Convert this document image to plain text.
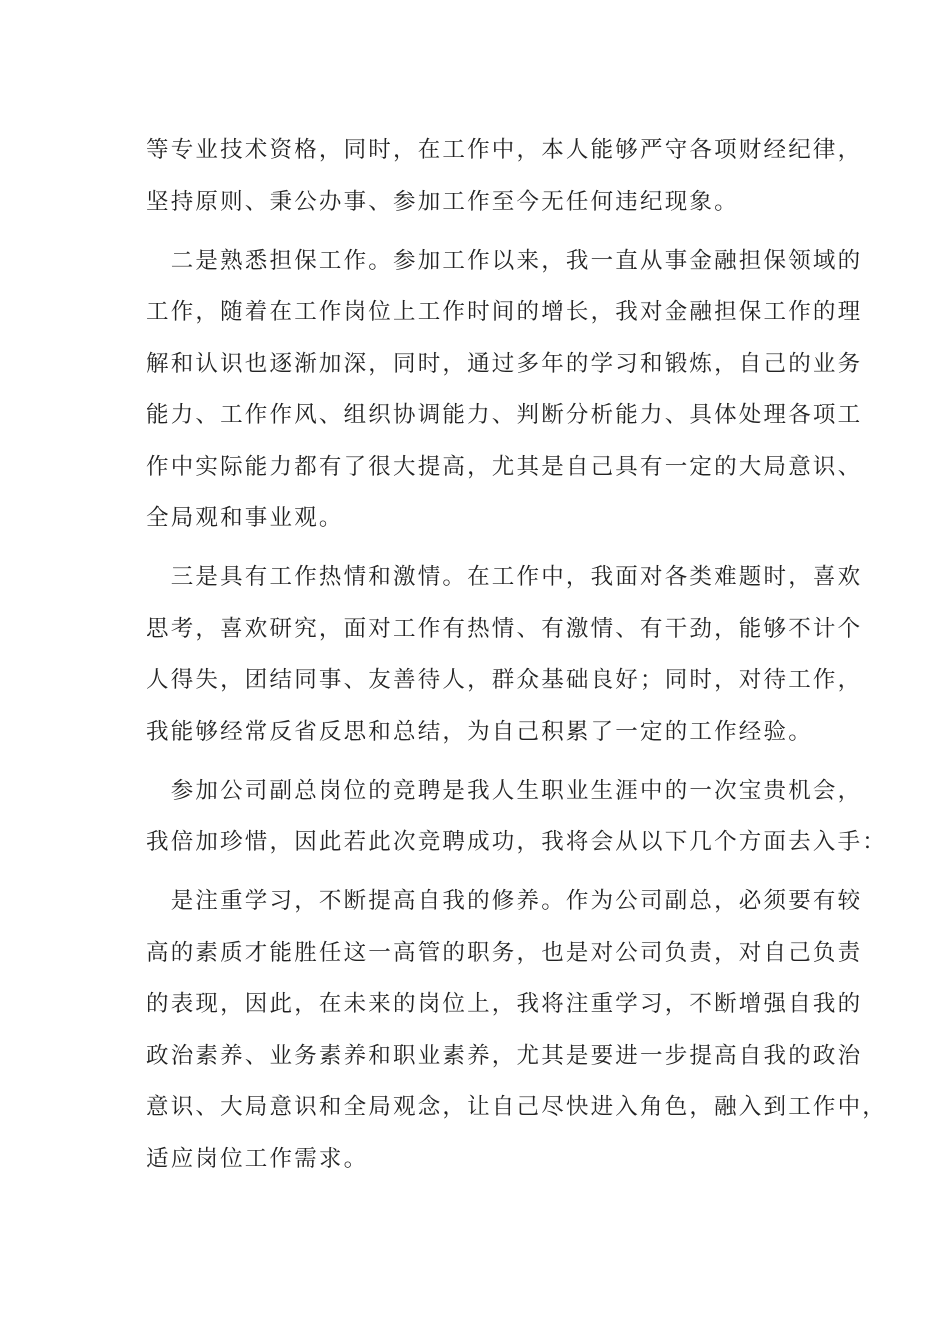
等专业技术资格，同时，在工作中，本人能够严守各项财经纪律，
坚持原则、秉公办事、参加工作至今无任何违纪现象。
　二是熟悉担保工作。参加工作以来，我一直从事金融担保领域的
工作，随着在工作岗位上工作时间的增长，我对金融担保工作的理
解和认识也逐渐加深，同时，通过多年的学习和锻炼，自己的业务
能力、工作作风、组织协调能力、判断分析能力、具体处理各项工
作中实际能力都有了很大提高，尤其是自己具有一定的大局意识、
全局观和事业观。
　三是具有工作热情和激情。在工作中，我面对各类难题时，喜欢
思考，喜欢研究，面对工作有热情、有激情、有干劲，能够不计个
人得失，团结同事、友善待人，群众基础良好；同时，对待工作，
我能够经常反省反思和总结，为自己积累了一定的工作经验。
　参加公司副总岗位的竞聘是我人生职业生涯中的一次宝贵机会，
我倍加珍惜，因此若此次竞聘成功，我将会从以下几个方面去入手：
　是注重学习，不断提高自我的修养。作为公司副总，必须要有较
高的素质才能胜任这一高管的职务，也是对公司负责，对自己负责
的表现，因此，在未来的岗位上，我将注重学习，不断增强自我的
政治素养、业务素养和职业素养，尤其是要进一步提高自我的政治
意识、大局意识和全局观念，让自己尽快进入角色，融入到工作中，
适应岗位工作需求。
